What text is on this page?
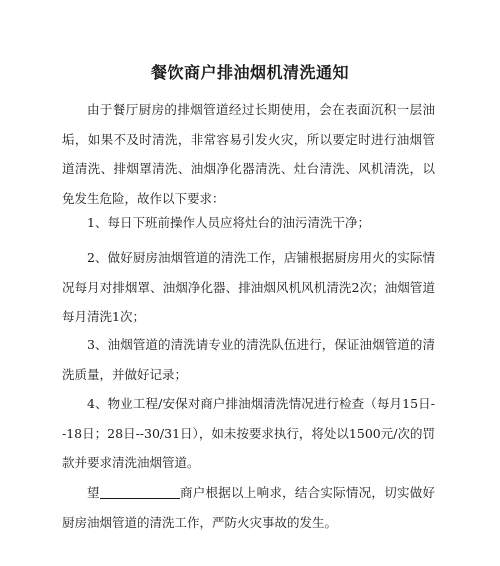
餐饮商户排油烟机清洗通知

由于餐厅厨房的排烟管道经过长期使用，会在表面沉积一层油垢，如果不及时清洗，非常容易引发火灾，所以要定时进行油烟管道清洗、排烟罩清洗、油烟净化器清洗、灶台清洗、风机清洗，以免发生危险，故作以下要求：

1、每日下班前操作人员应将灶台的油污清洗干净；

2、做好厨房油烟管道的清洗工作，店铺根据厨房用火的实际情况每月对排烟罩、油烟净化器、排油烟风机风机清洗2次；油烟管道每月清洗1次；

3、油烟管道的清洗请专业的清洗队伍进行，保证油烟管道的清洗质量，并做好记录；

4、物业工程/安保对商户排油烟清洗情况进行检查（每月15日--18日；28日--30/31日），如未按要求执行，将处以1500元/次的罚款并要求清洗油烟管道。

望	商户根据以上响求，结合实际情况，切实做好厨房油烟管道的清洗工作，严防火灾事故的发生。
